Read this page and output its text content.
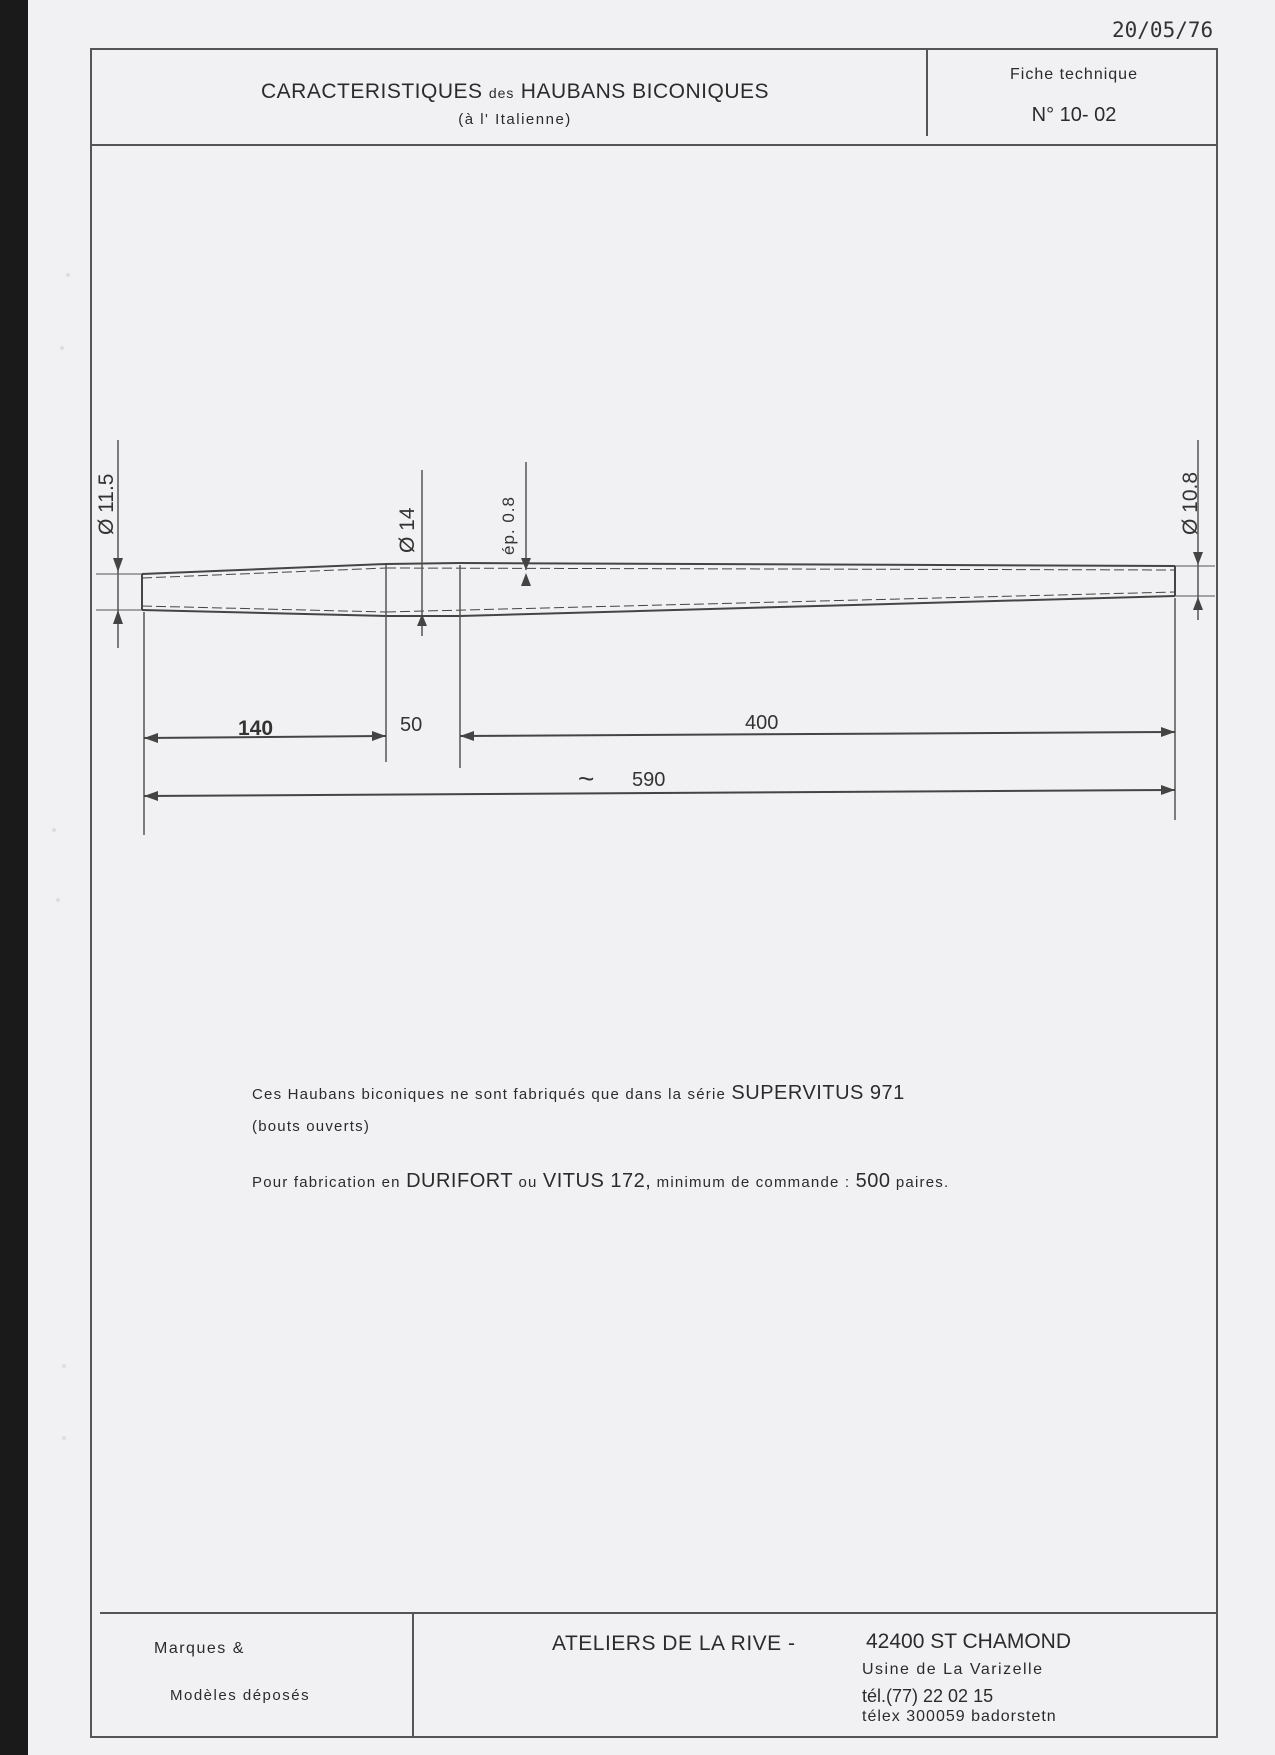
20/05/76
CARACTERISTIQUES des HAUBANS BICONIQUES
(à l' Italienne)
Fiche technique
N° 10- 02
Ø 11.5	Ø 14	ép. 0.8	Ø 10.8
140	50	400
~ 590
Ces Haubans biconiques ne sont fabriqués que dans la série SUPERVITUS 971
(bouts ouverts)
Pour fabrication en DURIFORT ou VITUS 172, minimum de commande : 500 paires.
Marques &
Modèles déposés
ATELIERS DE LA RIVE -	42400 ST CHAMOND
Usine de La Varizelle
tél.(77) 22 02 15
télex 300059 badorstetn
